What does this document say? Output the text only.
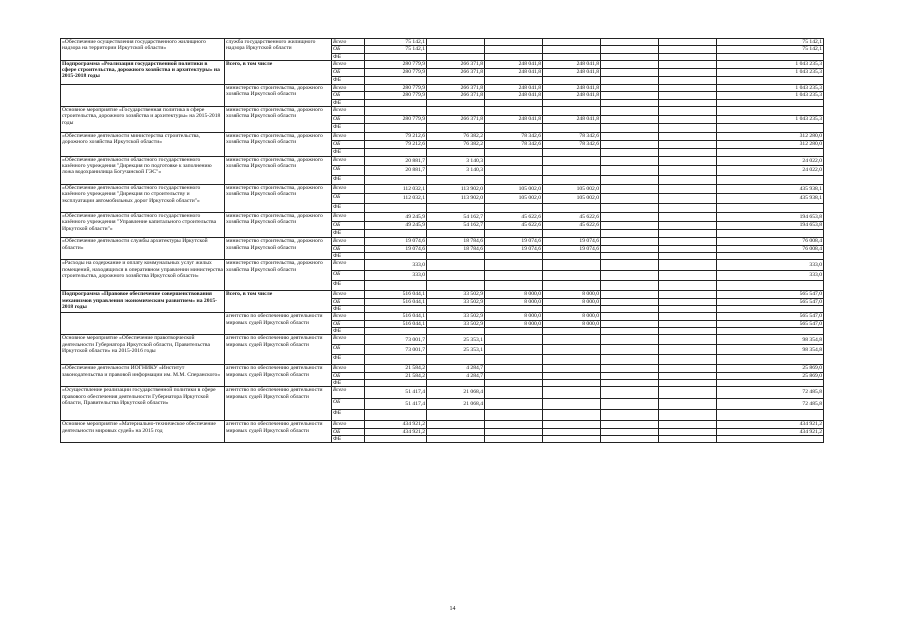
«Обеспечение осуществления государственного жилищного надзора на территории Иркутской области»	служба государственного жилищного надзора Иркутской области	Всего	75 142,1						75 142,1
		ОБ	75 142,1						75 142,1
		ФБ							
Подпрограмма «Реализация государственной политики в сфере строительства, дорожного хозяйства и архитектуры» на 2015-2018 годы	Всего, в том числе	Всего	280 779,9	266 371,8	248 041,8	248 041,8			1 043 235,3
		ОБ	280 779,9	266 371,8	248 041,8	248 041,8			1 043 235,3
		ФБ							
	министерство строительства, дорожного хозяйства Иркутской области	Всего	280 779,9	266 371,8	248 041,8	248 041,8			1 043 235,3
		ОБ	280 779,9	266 371,8	248 041,8	248 041,8			1 043 235,3
		ФБ							
Основное мероприятие «Государственная политика в сфере строительства, дорожного хозяйства и архитектуры» на 2015-2018 годы	министерство строительства, дорожного хозяйства Иркутской области	Всего							
		ОБ	280 779,9	266 371,8	248 041,8	248 041,8			1 043 235,3
		ФБ							
«Обеспечение деятельности министерства строительства, дорожного хозяйства Иркутской области»	министерство строительства, дорожного хозяйства Иркутской области	Всего	79 212,6	76 382,2	78 342,6	78 342,6			312 280,0
		ОБ	79 212,6	76 382,2	78 342,6	78 342,6			312 280,0
		ФБ							
«Обеспечение деятельности областного государственного казённого учреждения "Дирекция по подготовке к заполнению ложа водохранилища Богучанской ГЭС"»	министерство строительства, дорожного хозяйства Иркутской области	Всего	20 881,7	3 140,3					24 022,0
		ОБ	20 881,7	3 140,3					24 022,0
		ФБ							
«Обеспечение деятельности областного государственного казённого учреждения "Дирекция по строительству и эксплуатации автомобильных дорог Иркутской области"»	министерство строительства, дорожного хозяйства Иркутской области	Всего	112 032,1	113 902,0	105 002,0	105 002,0			435 938,1
		ОБ	112 032,1	113 902,0	105 002,0	105 002,0			435 938,1
		ФБ							
«Обеспечение деятельности областного государственного казённого учреждения "Управление капитального строительства Иркутской области"»	министерство строительства, дорожного хозяйства Иркутской области	Всего	49 245,9	54 162,7	45 622,6	45 622,6			194 653,8
		ОБ	49 245,9	54 162,7	45 622,6	45 622,6			194 653,8
		ФБ							
«Обеспечение деятельности службы архитектуры Иркутской области»	министерство строительства, дорожного хозяйства Иркутской области	Всего	19 074,6	18 784,6	19 074,6	19 074,6			76 008,4
		ОБ	19 074,6	18 784,6	19 074,6	19 074,6			76 008,4
		ФБ							
«Расходы на содержание и оплату коммунальных услуг жилых помещений, находящихся в оперативном управлении министерства строительства, дорожного хозяйства Иркутской области»	министерство строительства, дорожного хозяйства Иркутской области	Всего	333,0						333,0
		ОБ	333,0						333,0
		ФБ							
Подпрограмма «Правовое обеспечение совершенствования механизмов управления экономическим развитием» на 2015-2018 годы	Всего, в том числе	Всего	516 044,1	33 502,9	8 000,0	8 000,0			565 547,0
		ОБ	516 044,1	33 502,9	8 000,0	8 000,0			565 547,0
		ФБ							
	агентство по обеспечению деятельности мировых судей Иркутской области	Всего	516 044,1	33 502,9	8 000,0	8 000,0			565 547,0
		ОБ	516 044,1	33 502,9	8 000,0	8 000,0			565 547,0
		ФБ							
Основное мероприятие «Обеспечение правотворческой деятельности Губернатора Иркутской области, Правительства Иркутской области» на 2015-2016 годы	агентство по обеспечению деятельности мировых судей Иркутской области	Всего	73 001,7	25 353,1					98 354,8
		ОБ	73 001,7	25 353,1					98 354,8
		ФБ							
«Обеспечение деятельности ИОГНИКУ «Институт законодательства и правовой информации им. М.М. Сперанского»	агентство по обеспечению деятельности мировых судей Иркутской области	Всего	21 584,2	4 284,7					25 869,0
		ОБ	21 584,2	4 284,7					25 869,0
		ФБ							
«Осуществление реализации государственной политики в сфере правового обеспечения деятельности Губернатора Иркутской области, Правительства Иркутской области»	агентство по обеспечению деятельности мировых судей Иркутской области	Всего	51 417,4	21 068,4					72 485,8
		ОБ	51 417,4	21 068,4					72 485,8
		ФБ							
Основное мероприятие «Материально-техническое обеспечение деятельности мировых судей» на 2015 год	агентство по обеспечению деятельности мировых судей Иркутской области	Всего	434 921,2						434 921,2
		ОБ	434 921,2						434 921,2
		ФБ							
14
